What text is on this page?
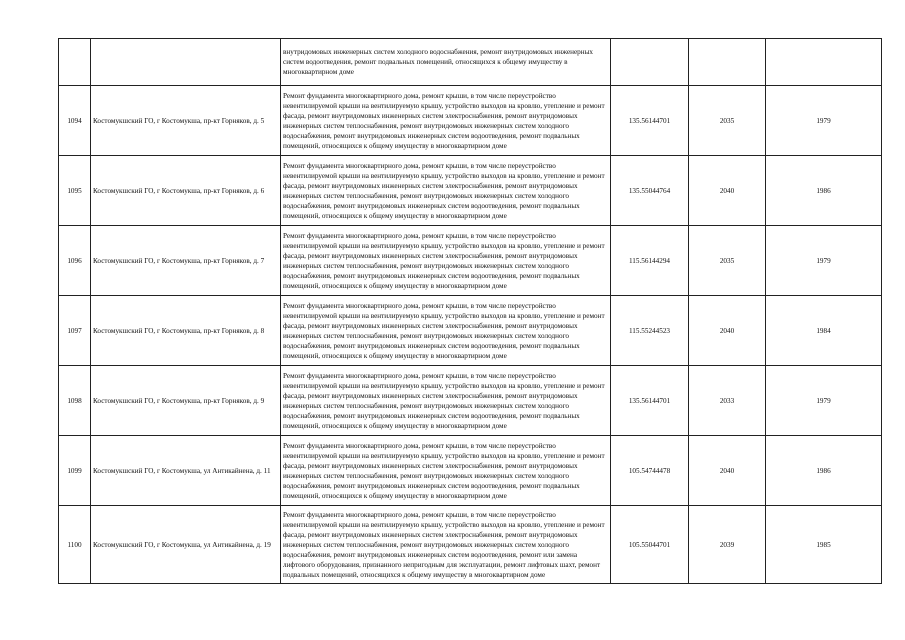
		внутридомовых инженерных систем холодного водоснабжения, ремонт внутридомовых инженерных систем водоотведения, ремонт подвальных помещений, относящихся к общему имуществу в многоквартирном доме			
1094	Костомукшский ГО, г Костомукша, пр-кт Горняков, д. 5	Ремонт фундамента многоквартирного дома, ремонт крыши, в том числе переустройство невентилируемой крыши на вентилируемую крышу, устройство выходов на кровлю, утепление и ремонт фасада, ремонт внутридомовых инженерных систем электроснабжения, ремонт внутридомовых инженерных систем теплоснабжения, ремонт внутридомовых инженерных систем холодного водоснабжения, ремонт внутридомовых инженерных систем водоотведения, ремонт подвальных помещений, относящихся к общему имуществу в многоквартирном доме	135.56144701	2035	1979
1095	Костомукшский ГО, г Костомукша, пр-кт Горняков, д. 6	Ремонт фундамента многоквартирного дома, ремонт крыши, в том числе переустройство невентилируемой крыши на вентилируемую крышу, устройство выходов на кровлю, утепление и ремонт фасада, ремонт внутридомовых инженерных систем электроснабжения, ремонт внутридомовых инженерных систем теплоснабжения, ремонт внутридомовых инженерных систем холодного водоснабжения, ремонт внутридомовых инженерных систем водоотведения, ремонт подвальных помещений, относящихся к общему имуществу в многоквартирном доме	135.55044764	2040	1986
1096	Костомукшский ГО, г Костомукша, пр-кт Горняков, д. 7	Ремонт фундамента многоквартирного дома, ремонт крыши, в том числе переустройство невентилируемой крыши на вентилируемую крышу, устройство выходов на кровлю, утепление и ремонт фасада, ремонт внутридомовых инженерных систем электроснабжения, ремонт внутридомовых инженерных систем теплоснабжения, ремонт внутридомовых инженерных систем холодного водоснабжения, ремонт внутридомовых инженерных систем водоотведения, ремонт подвальных помещений, относящихся к общему имуществу в многоквартирном доме	115.56144294	2035	1979
1097	Костомукшский ГО, г Костомукша, пр-кт Горняков, д. 8	Ремонт фундамента многоквартирного дома, ремонт крыши, в том числе переустройство невентилируемой крыши на вентилируемую крышу, устройство выходов на кровлю, утепление и ремонт фасада, ремонт внутридомовых инженерных систем электроснабжения, ремонт внутридомовых инженерных систем теплоснабжения, ремонт внутридомовых инженерных систем холодного водоснабжения, ремонт внутридомовых инженерных систем водоотведения, ремонт подвальных помещений, относящихся к общему имуществу в многоквартирном доме	115.55244523	2040	1984
1098	Костомукшский ГО, г Костомукша, пр-кт Горняков, д. 9	Ремонт фундамента многоквартирного дома, ремонт крыши, в том числе переустройство невентилируемой крыши на вентилируемую крышу, устройство выходов на кровлю, утепление и ремонт фасада, ремонт внутридомовых инженерных систем электроснабжения, ремонт внутридомовых инженерных систем теплоснабжения, ремонт внутридомовых инженерных систем холодного водоснабжения, ремонт внутридомовых инженерных систем водоотведения, ремонт подвальных помещений, относящихся к общему имуществу в многоквартирном доме	135.56144701	2033	1979
1099	Костомукшский ГО, г Костомукша, ул Антикайнена, д. 11	Ремонт фундамента многоквартирного дома, ремонт крыши, в том числе переустройство невентилируемой крыши на вентилируемую крышу, устройство выходов на кровлю, утепление и ремонт фасада, ремонт внутридомовых инженерных систем электроснабжения, ремонт внутридомовых инженерных систем теплоснабжения, ремонт внутридомовых инженерных систем холодного водоснабжения, ремонт внутридомовых инженерных систем водоотведения, ремонт подвальных помещений, относящихся к общему имуществу в многоквартирном доме	105.54744478	2040	1986
1100	Костомукшский ГО, г Костомукша, ул Антикайнена, д. 19	Ремонт фундамента многоквартирного дома, ремонт крыши, в том числе переустройство невентилируемой крыши на вентилируемую крышу, устройство выходов на кровлю, утепление и ремонт фасада, ремонт внутридомовых инженерных систем электроснабжения, ремонт внутридомовых инженерных систем теплоснабжения, ремонт внутридомовых инженерных систем холодного водоснабжения, ремонт внутридомовых инженерных систем водоотведения, ремонт или замена лифтового оборудования, признанного непригодным для эксплуатации, ремонт лифтовых шахт, ремонт подвальных помещений, относящихся к общему имуществу в многоквартирном доме	105.55044701	2039	1985
